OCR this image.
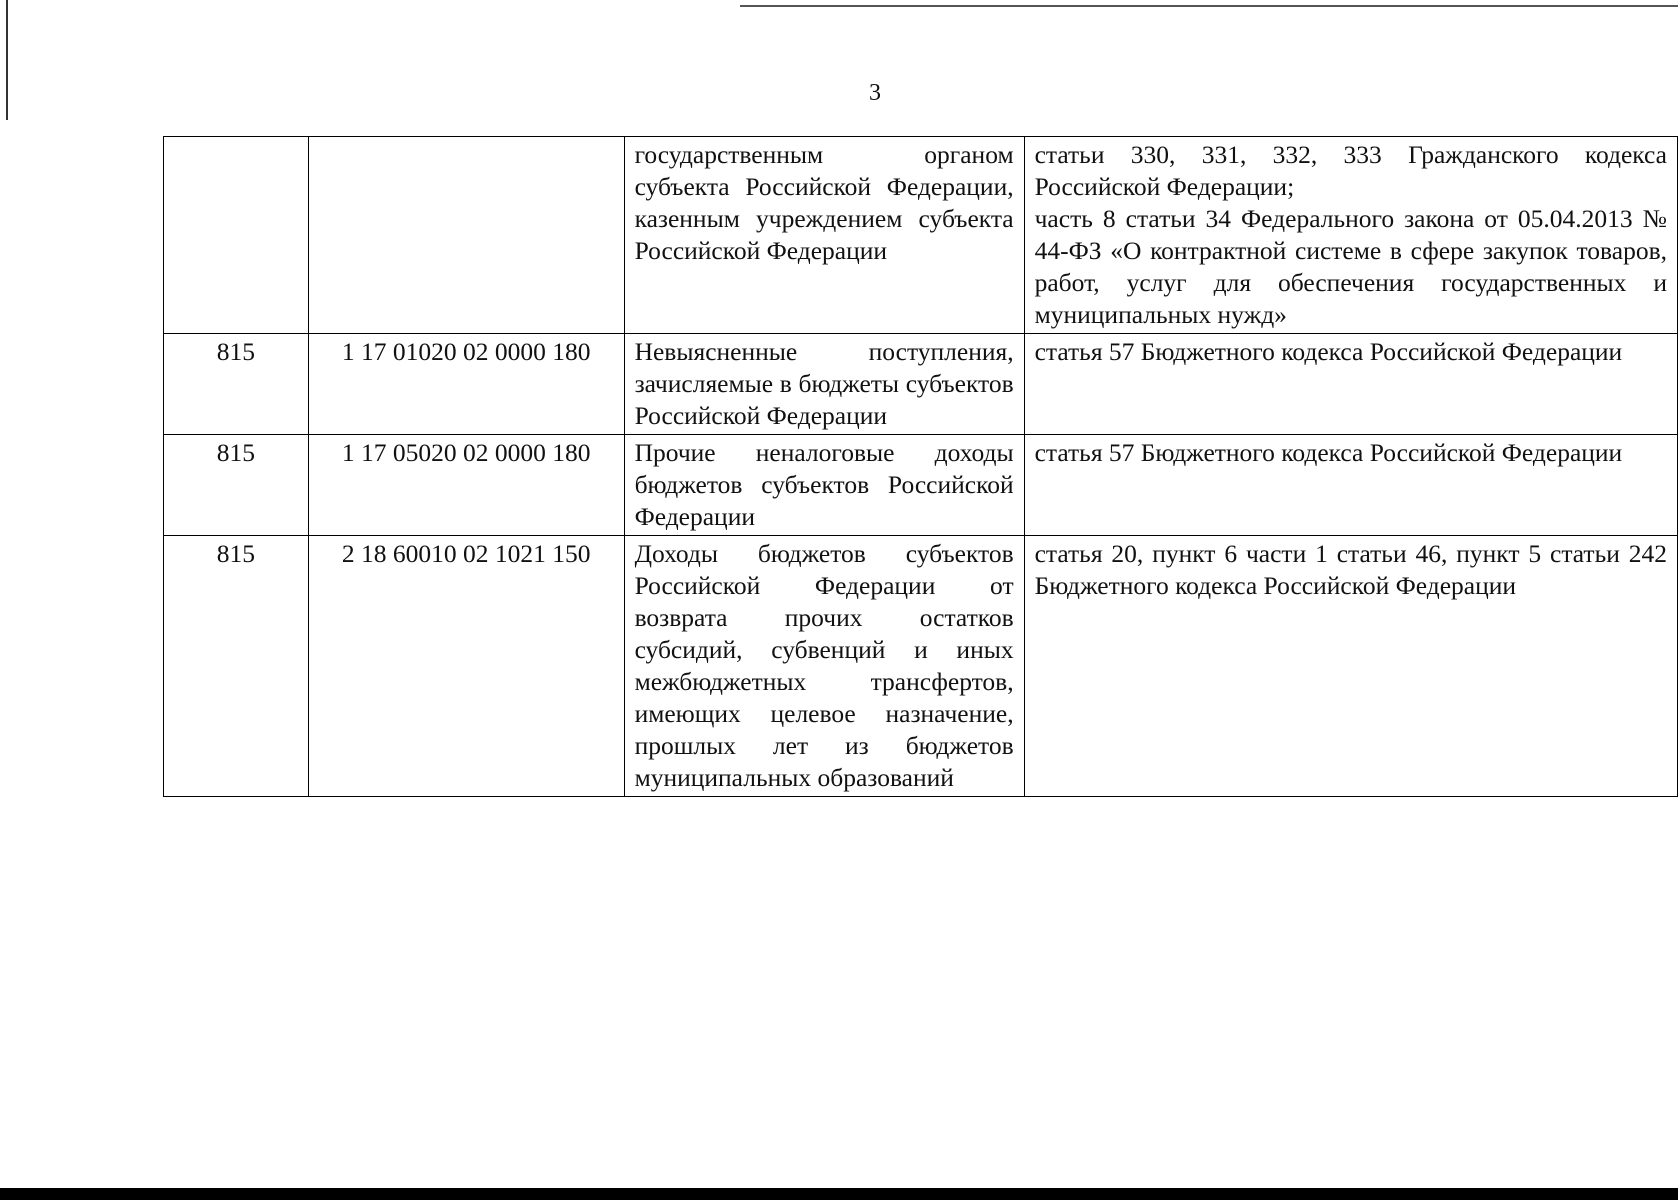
3
		государственным органом субъекта Российской Федерации, казенным учреждением субъекта Российской Федерации	статьи 330, 331, 332, 333 Гражданского кодекса Российской Федерации;
часть 8 статьи 34 Федерального закона от 05.04.2013 № 44-ФЗ «О контрактной системе в сфере закупок товаров, работ, услуг для обеспечения государственных и муниципальных нужд»

815	1 17 01020 02 0000 180	Невыясненные поступления, зачисляемые в бюджеты субъектов Российской Федерации	статья 57 Бюджетного кодекса Российской Федерации

815	1 17 05020 02 0000 180	Прочие неналоговые доходы бюджетов субъектов Российской Федерации	статья 57 Бюджетного кодекса Российской Федерации

815	2 18 60010 02 1021 150	Доходы бюджетов субъектов Российской Федерации от возврата прочих остатков субсидий, субвенций и иных межбюджетных трансфертов, имеющих целевое назначение, прошлых лет из бюджетов муниципальных образований	статья 20, пункт 6 части 1 статьи 46, пункт 5 статьи 242 Бюджетного кодекса Российской Федерации
